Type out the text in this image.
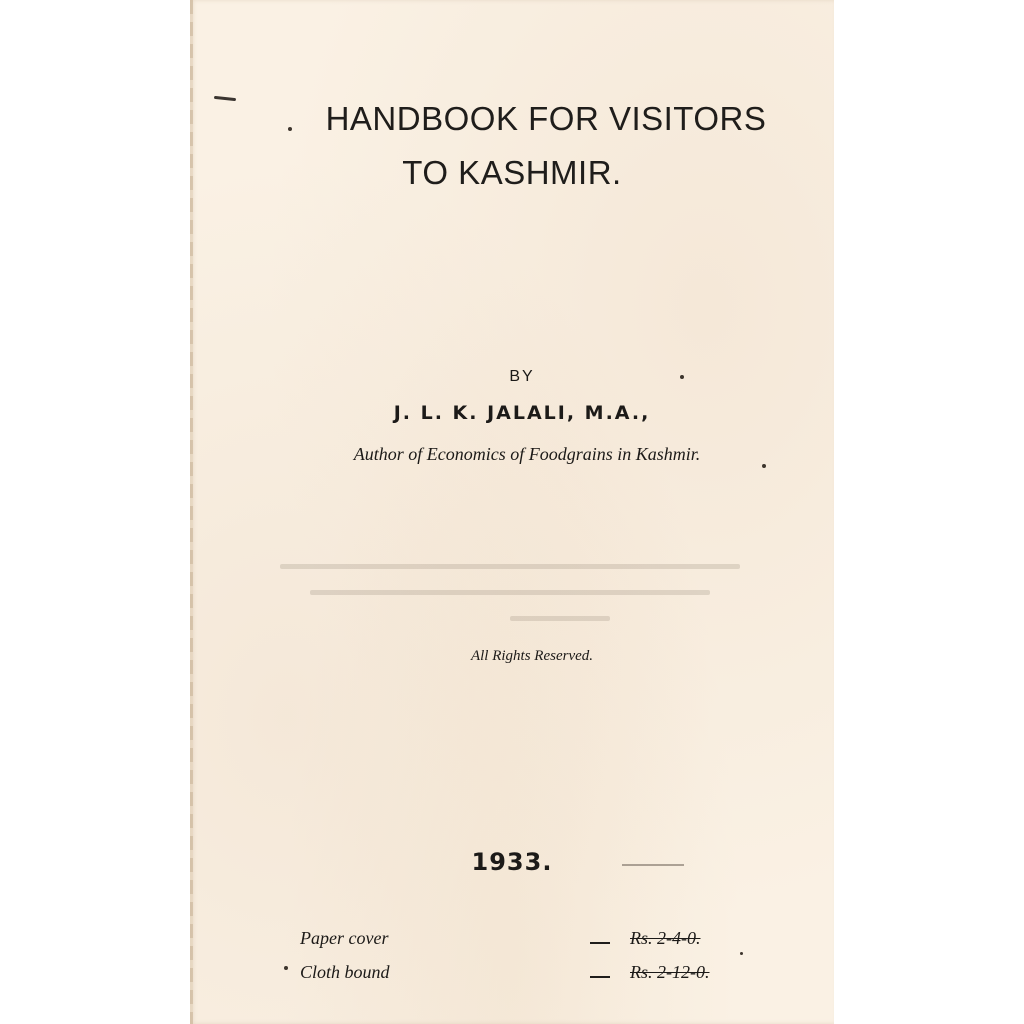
HANDBOOK FOR VISITORS
TO KASHMIR.
BY
J. L. K. JALALI, M.A.,
Author of Economics of Foodgrains in Kashmir.
All Rights Reserved.
1933.
Paper cover	Rs. 2-4-0.
Cloth bound	Rs. 2-12-0.
